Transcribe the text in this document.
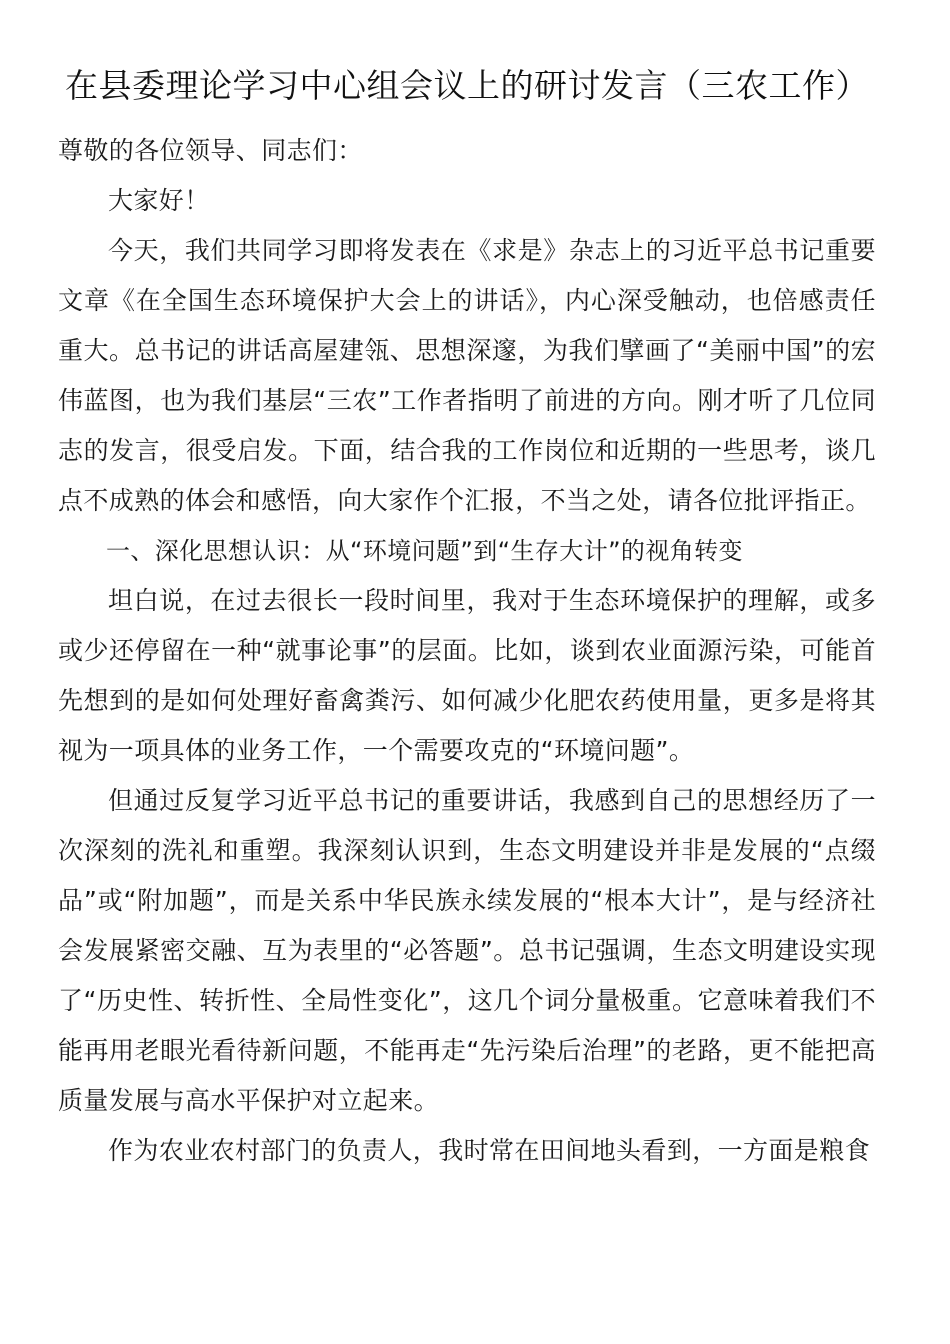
在县委理论学习中心组会议上的研讨发言（三农工作）

尊敬的各位领导、同志们：

大家好！

今天，我们共同学习即将发表在《求是》杂志上的习近平总书记重要文章《在全国生态环境保护大会上的讲话》，内心深受触动，也倍感责任重大。总书记的讲话高屋建瓴、思想深邃，为我们擘画了“美丽中国”的宏伟蓝图，也为我们基层“三农”工作者指明了前进的方向。刚才听了几位同志的发言，很受启发。下面，结合我的工作岗位和近期的一些思考，谈几点不成熟的体会和感悟，向大家作个汇报，不当之处，请各位批评指正。

一、深化思想认识：从“环境问题”到“生存大计”的视角转变

坦白说，在过去很长一段时间里，我对于生态环境保护的理解，或多或少还停留在一种“就事论事”的层面。比如，谈到农业面源污染，可能首先想到的是如何处理好畜禽粪污、如何减少化肥农药使用量，更多是将其视为一项具体的业务工作，一个需要攻克的“环境问题”。

但通过反复学习近平总书记的重要讲话，我感到自己的思想经历了一次深刻的洗礼和重塑。我深刻认识到，生态文明建设并非是发展的“点缀品”或“附加题”，而是关系中华民族永续发展的“根本大计”，是与经济社会发展紧密交融、互为表里的“必答题”。总书记强调，生态文明建设实现了“历史性、转折性、全局性变化”，这几个词分量极重。它意味着我们不能再用老眼光看待新问题，不能再走“先污染后治理”的老路，更不能把高质量发展与高水平保护对立起来。

作为农业农村部门的负责人，我时常在田间地头看到，一方面是粮食
